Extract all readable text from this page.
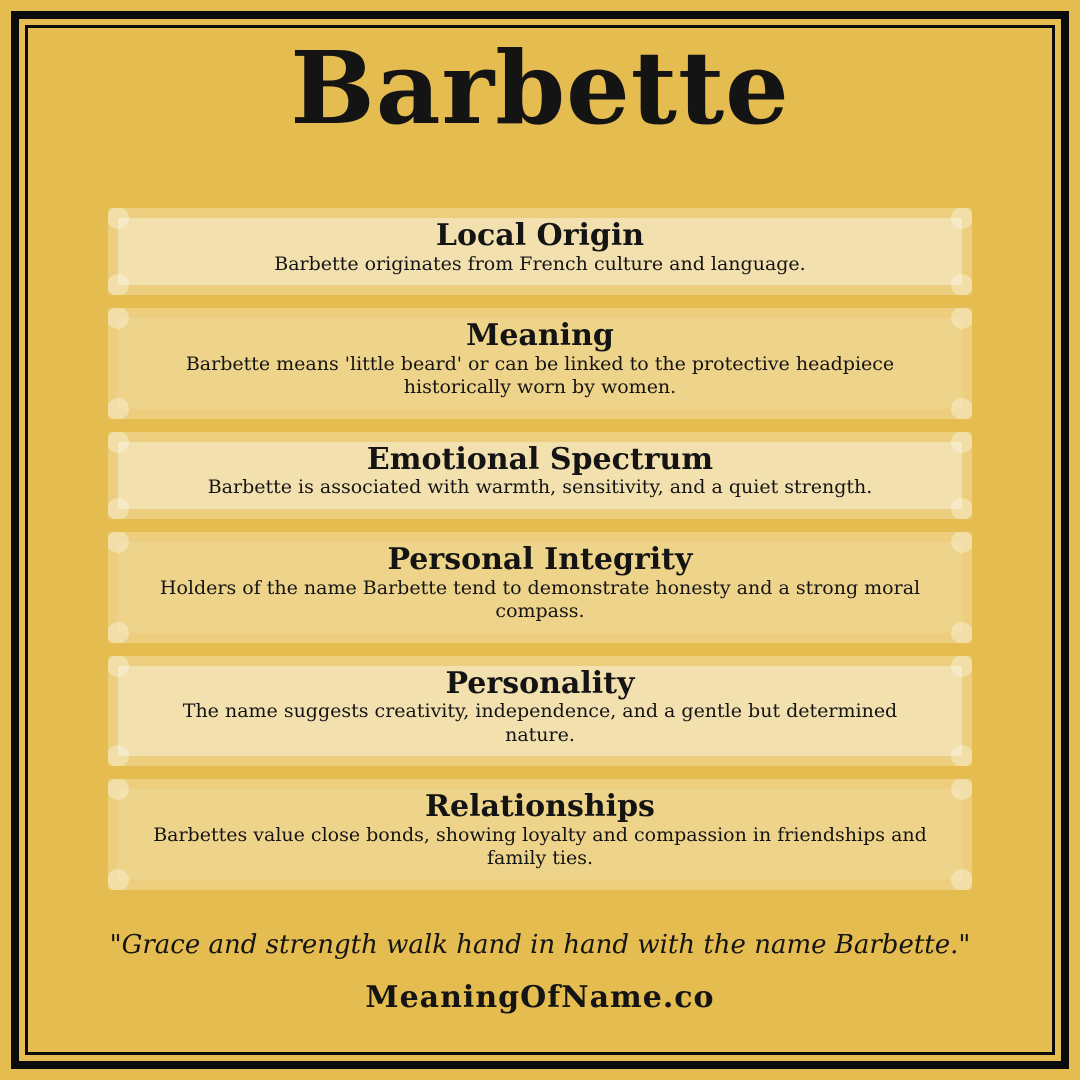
Barbette
Local Origin

Barbette originates from French culture and language.

Meaning

Barbette means 'little beard' or can be linked to the protective headpiece historically worn by women.

Emotional Spectrum

Barbette is associated with warmth, sensitivity, and a quiet strength.

Personal Integrity

Holders of the name Barbette tend to demonstrate honesty and a strong moral compass.

Personality

The name suggests creativity, independence, and a gentle but determined nature.

Relationships

Barbettes value close bonds, showing loyalty and compassion in friendships and family ties.

"Grace and strength walk hand in hand with the name Barbette."

MeaningOfName.co
